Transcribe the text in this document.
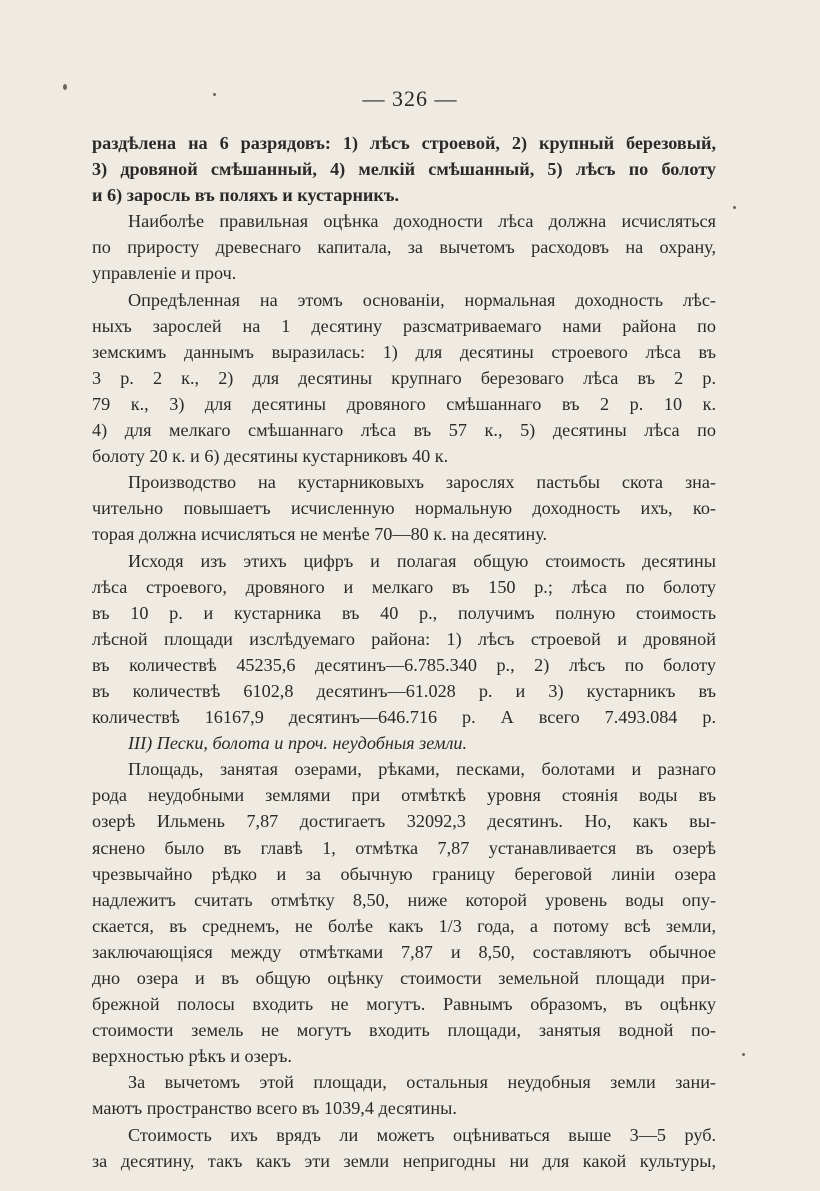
— 326 —
раздѣлена на 6 разрядовъ: 1) лѣсъ строевой, 2) крупный березовый,
3) дровяной смѣшанный, 4) мелкій смѣшанный, 5) лѣсъ по болоту
и 6) заросль въ поляхъ и кустарникъ.
Наиболѣе правильная оцѣнка доходности лѣса должна исчисляться
по приросту древеснаго капитала, за вычетомъ расходовъ на охрану,
управленіе и проч.
Опредѣленная на этомъ основаніи, нормальная доходность лѣс-
ныхъ зарослей на 1 десятину разсматриваемаго нами района по
земскимъ даннымъ выразилась: 1) для десятины строевого лѣса въ
3 р. 2 к., 2) для десятины крупнаго березоваго лѣса въ 2 р.
79 к., 3) для десятины дровяного смѣшаннаго въ 2 р. 10 к.
4) для мелкаго смѣшаннаго лѣса въ 57 к., 5) десятины лѣса по
болоту 20 к. и 6) десятины кустарниковъ 40 к.
Производство на кустарниковыхъ зарослях пастьбы скота зна-
чительно повышаетъ исчисленную нормальную доходность ихъ, ко-
торая должна исчисляться не менѣе 70—80 к. на десятину.
Исходя изъ этихъ цифръ и полагая общую стоимость десятины
лѣса строевого, дровяного и мелкаго въ 150 р.; лѣса по болоту
въ 10 р. и кустарника въ 40 р., получимъ полную стоимость
лѣсной площади изслѣдуемаго района: 1) лѣсъ строевой и дровяной
въ количествѣ 45235,6 десятинъ—6.785.340 р., 2) лѣсъ по болоту
въ количествѣ 6102,8 десятинъ—61.028 р. и 3) кустарникъ въ
количествѣ 16167,9 десятинъ—646.716 р. А всего 7.493.084 р.
III) Пески, болота и проч. неудобныя земли.
Площадь, занятая озерами, рѣками, песками, болотами и разнаго
рода неудобными землями при отмѣткѣ уровня стоянія воды въ
озерѣ Ильмень 7,87 достигаетъ 32092,3 десятинъ. Но, какъ вы-
яснено было въ главѣ 1, отмѣтка 7,87 устанавливается въ озерѣ
чрезвычайно рѣдко и за обычную границу береговой линіи озера
надлежитъ считать отмѣтку 8,50, ниже которой уровень воды опу-
скается, въ среднемъ, не болѣе какъ 1/3 года, а потому всѣ земли,
заключающіяся между отмѣтками 7,87 и 8,50, составляютъ обычное
дно озера и въ общую оцѣнку стоимости земельной площади при-
брежной полосы входить не могутъ. Равнымъ образомъ, въ оцѣнку
стоимости земель не могутъ входить площади, занятыя водной по-
верхностью рѣкъ и озеръ.
За вычетомъ этой площади, остальныя неудобныя земли зани-
маютъ пространство всего въ 1039,4 десятины.
Стоимость ихъ врядъ ли можетъ оцѣниваться выше 3—5 руб.
за десятину, такъ какъ эти земли непригодны ни для какой культуры,
